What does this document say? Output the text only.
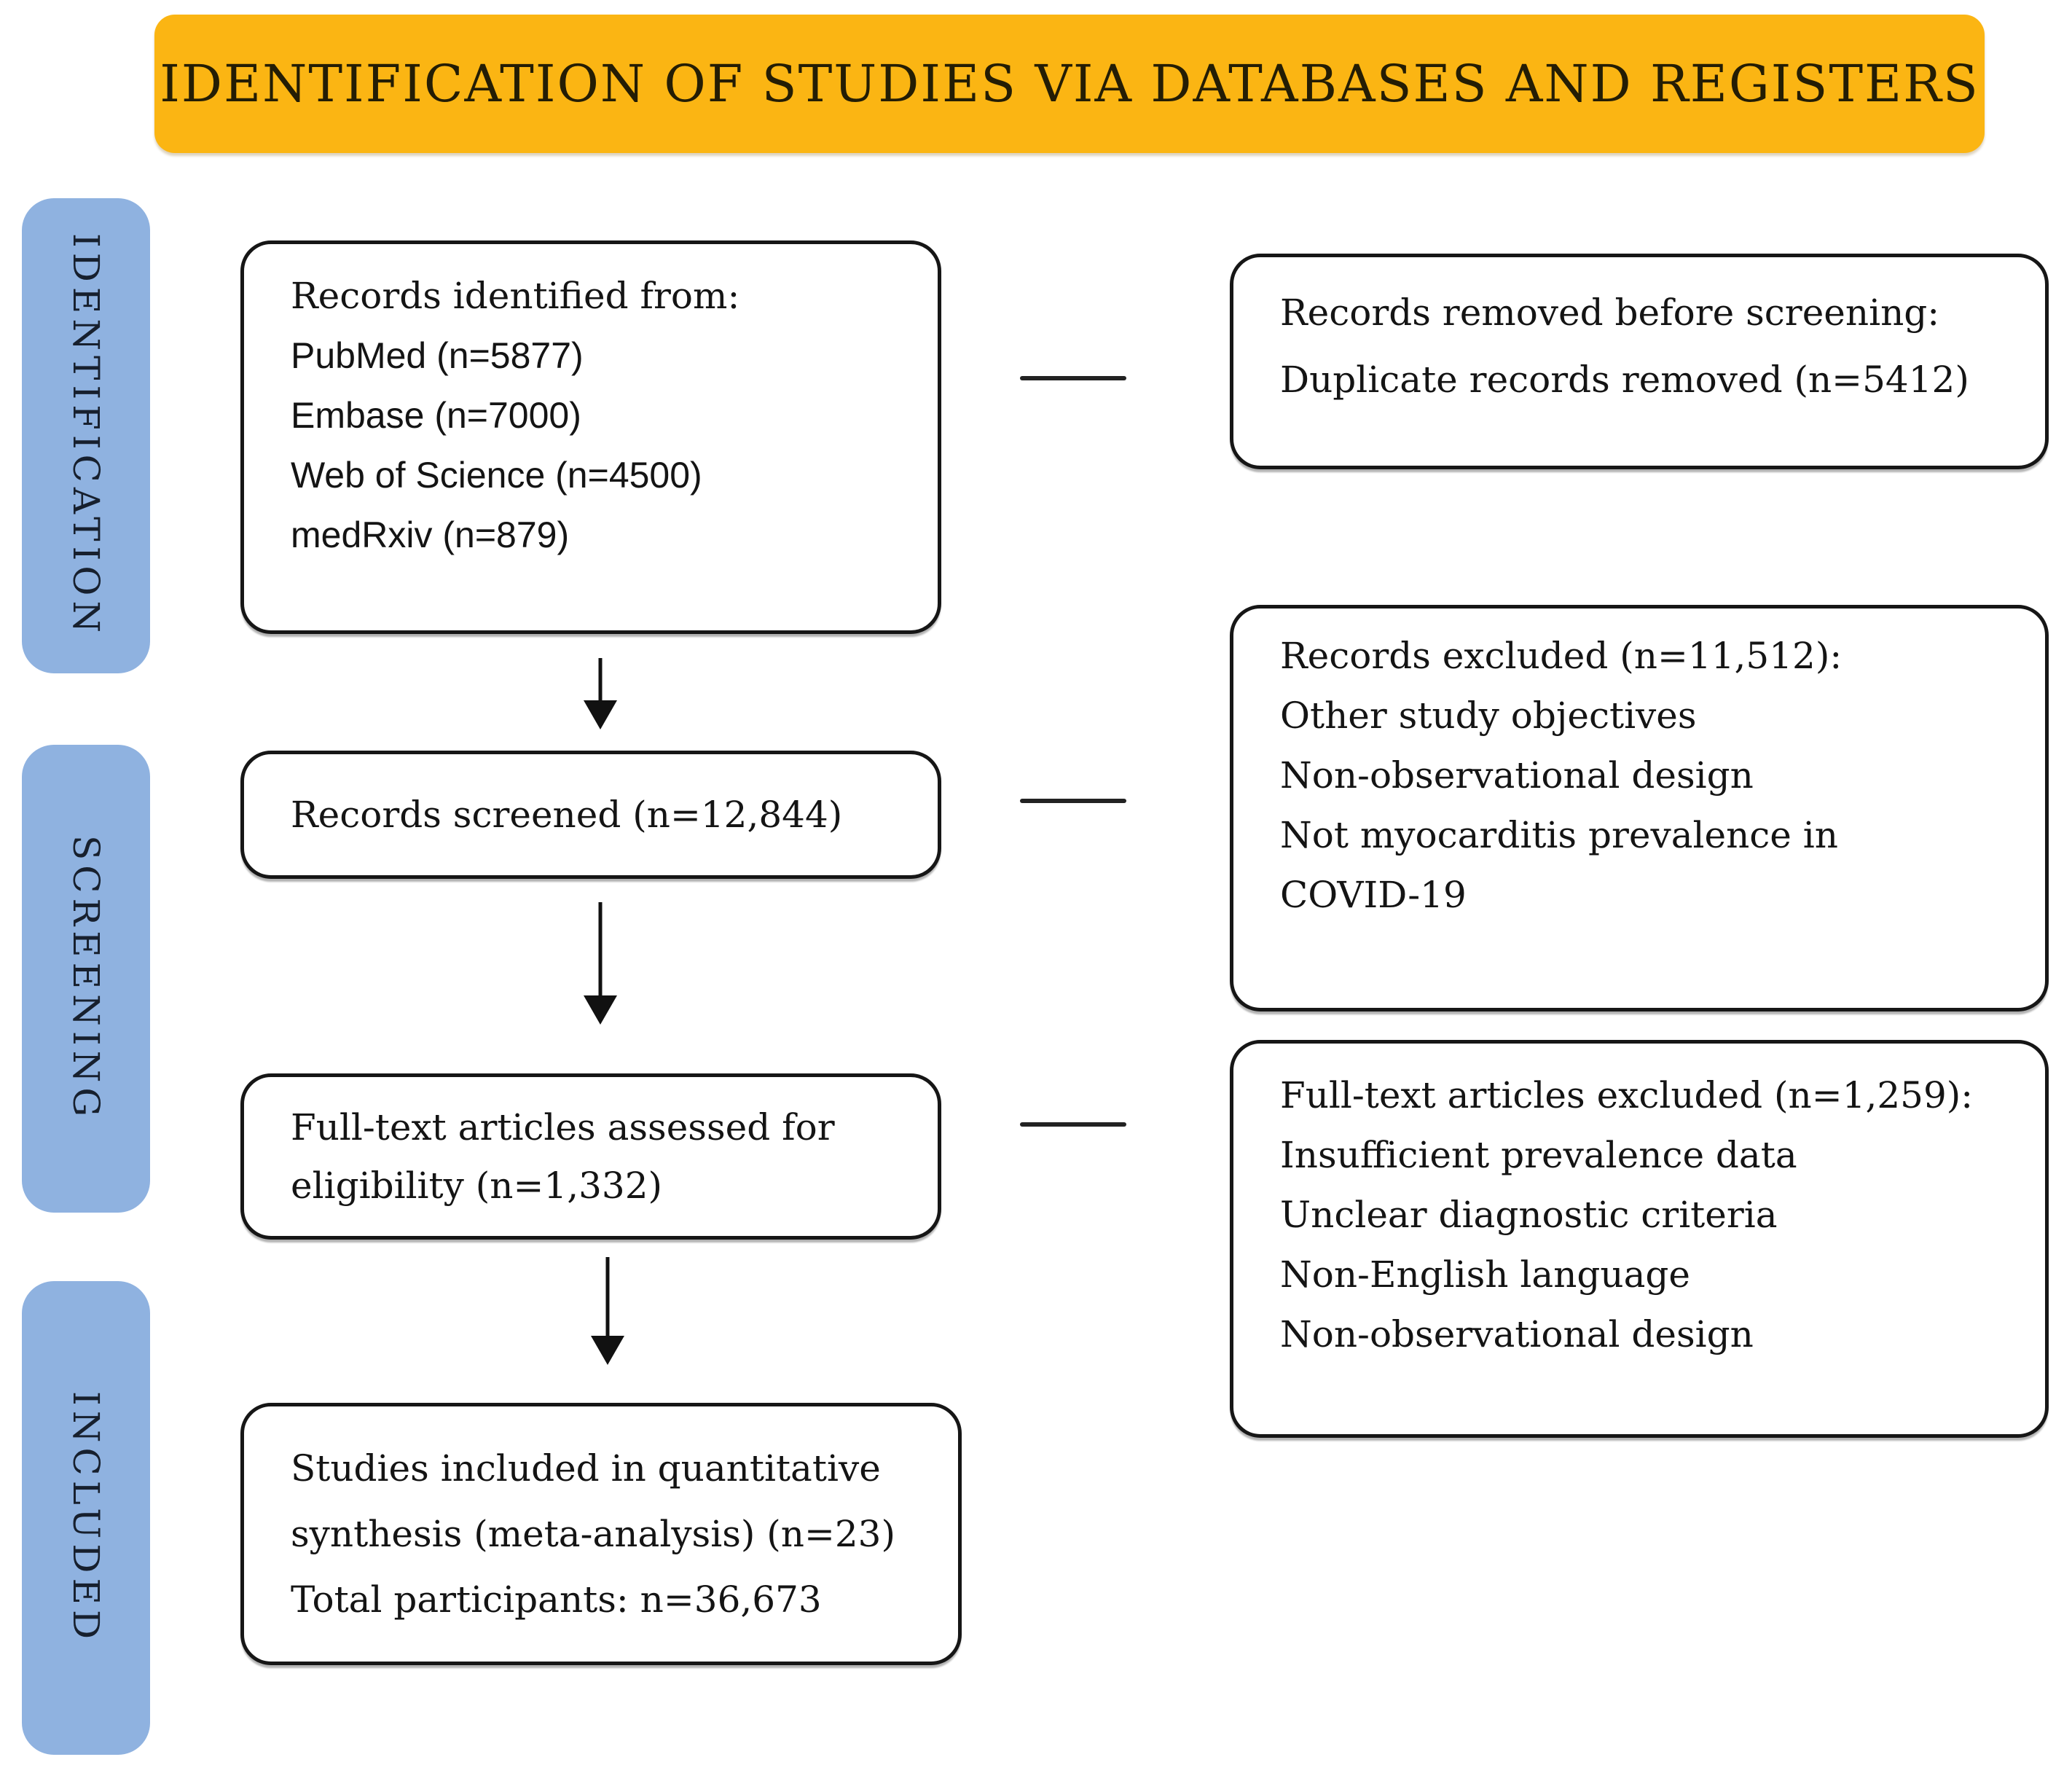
IDENTIFICATION OF STUDIES VIA DATABASES AND REGISTERS
IDENTIFICATION
SCREENING
INCLUDED
Records identified from:
PubMed (n=5877)
Embase (n=7000)
Web of Science (n=4500)
medRxiv (n=879)
Records screened (n=12,844)
Full-text articles assessed for
eligibility (n=1,332)
Studies included in quantitative
synthesis (meta-analysis) (n=23)
Total participants: n=36,673
Records removed before screening:
Duplicate records removed (n=5412)
Records excluded (n=11,512):
Other study objectives
Non-observational design
Not myocarditis prevalence in
COVID-19
Full-text articles excluded (n=1,259):
Insufficient prevalence data
Unclear diagnostic criteria
Non-English language
Non-observational design
